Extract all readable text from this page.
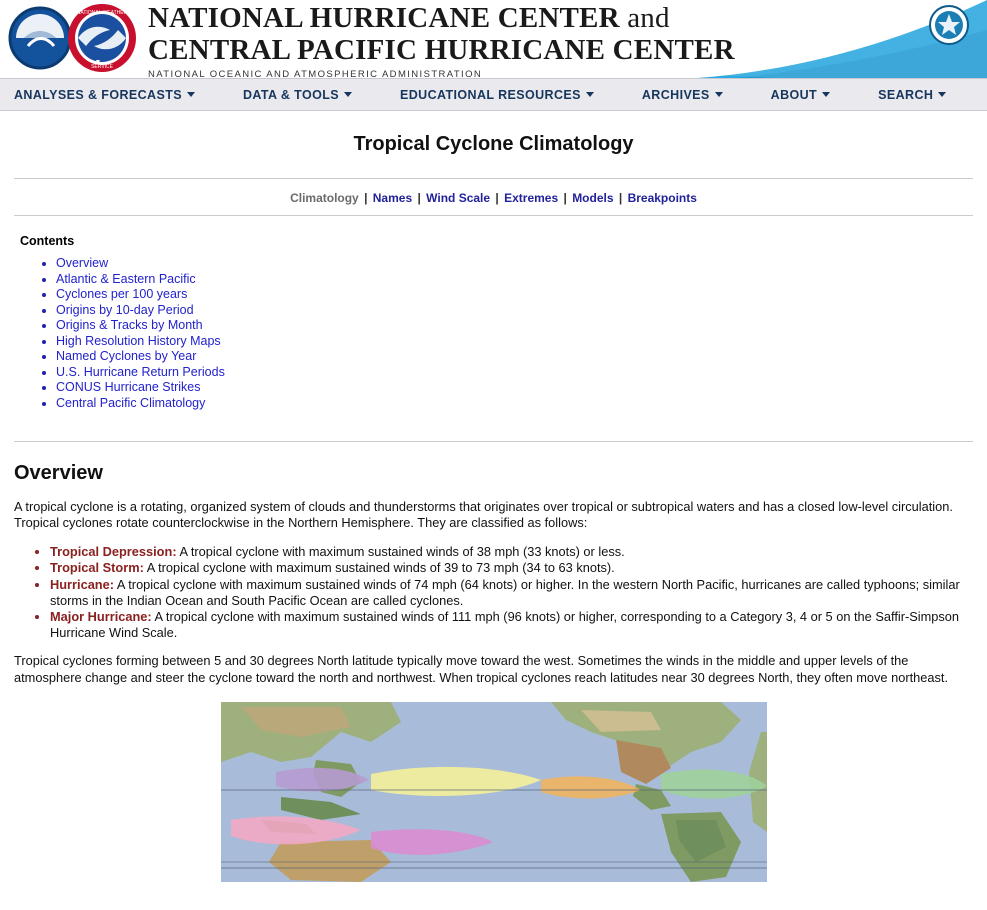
NATIONAL WEATHER
SERVICE
NATIONAL HURRICANE CENTER and
CENTRAL PACIFIC HURRICANE CENTER
NATIONAL OCEANIC AND ATMOSPHERIC ADMINISTRATION
ANALYSES & FORECASTS	DATA & TOOLS	EDUCATIONAL RESOURCES	ARCHIVES	ABOUT	SEARCH
Tropical Cyclone Climatology
Climatology | Names | Wind Scale | Extremes | Models | Breakpoints
Contents
• Overview
• Atlantic & Eastern Pacific
• Cyclones per 100 years
• Origins by 10-day Period
• Origins & Tracks by Month
• High Resolution History Maps
• Named Cyclones by Year
• U.S. Hurricane Return Periods
• CONUS Hurricane Strikes
• Central Pacific Climatology
Overview

A tropical cyclone is a rotating, organized system of clouds and thunderstorms that originates over tropical or subtropical waters and has a closed low-level circulation. Tropical cyclones rotate counterclockwise in the Northern Hemisphere. They are classified as follows:

• Tropical Depression: A tropical cyclone with maximum sustained winds of 38 mph (33 knots) or less.
• Tropical Storm: A tropical cyclone with maximum sustained winds of 39 to 73 mph (34 to 63 knots).
• Hurricane: A tropical cyclone with maximum sustained winds of 74 mph (64 knots) or higher. In the western North Pacific, hurricanes are called typhoons; similar storms in the Indian Ocean and South Pacific Ocean are called cyclones.
• Major Hurricane: A tropical cyclone with maximum sustained winds of 111 mph (96 knots) or higher, corresponding to a Category 3, 4 or 5 on the Saffir-Simpson Hurricane Wind Scale.

Tropical cyclones forming between 5 and 30 degrees North latitude typically move toward the west. Sometimes the winds in the middle and upper levels of the atmosphere change and steer the cyclone toward the north and northwest. When tropical cyclones reach latitudes near 30 degrees North, they often move northeast.
